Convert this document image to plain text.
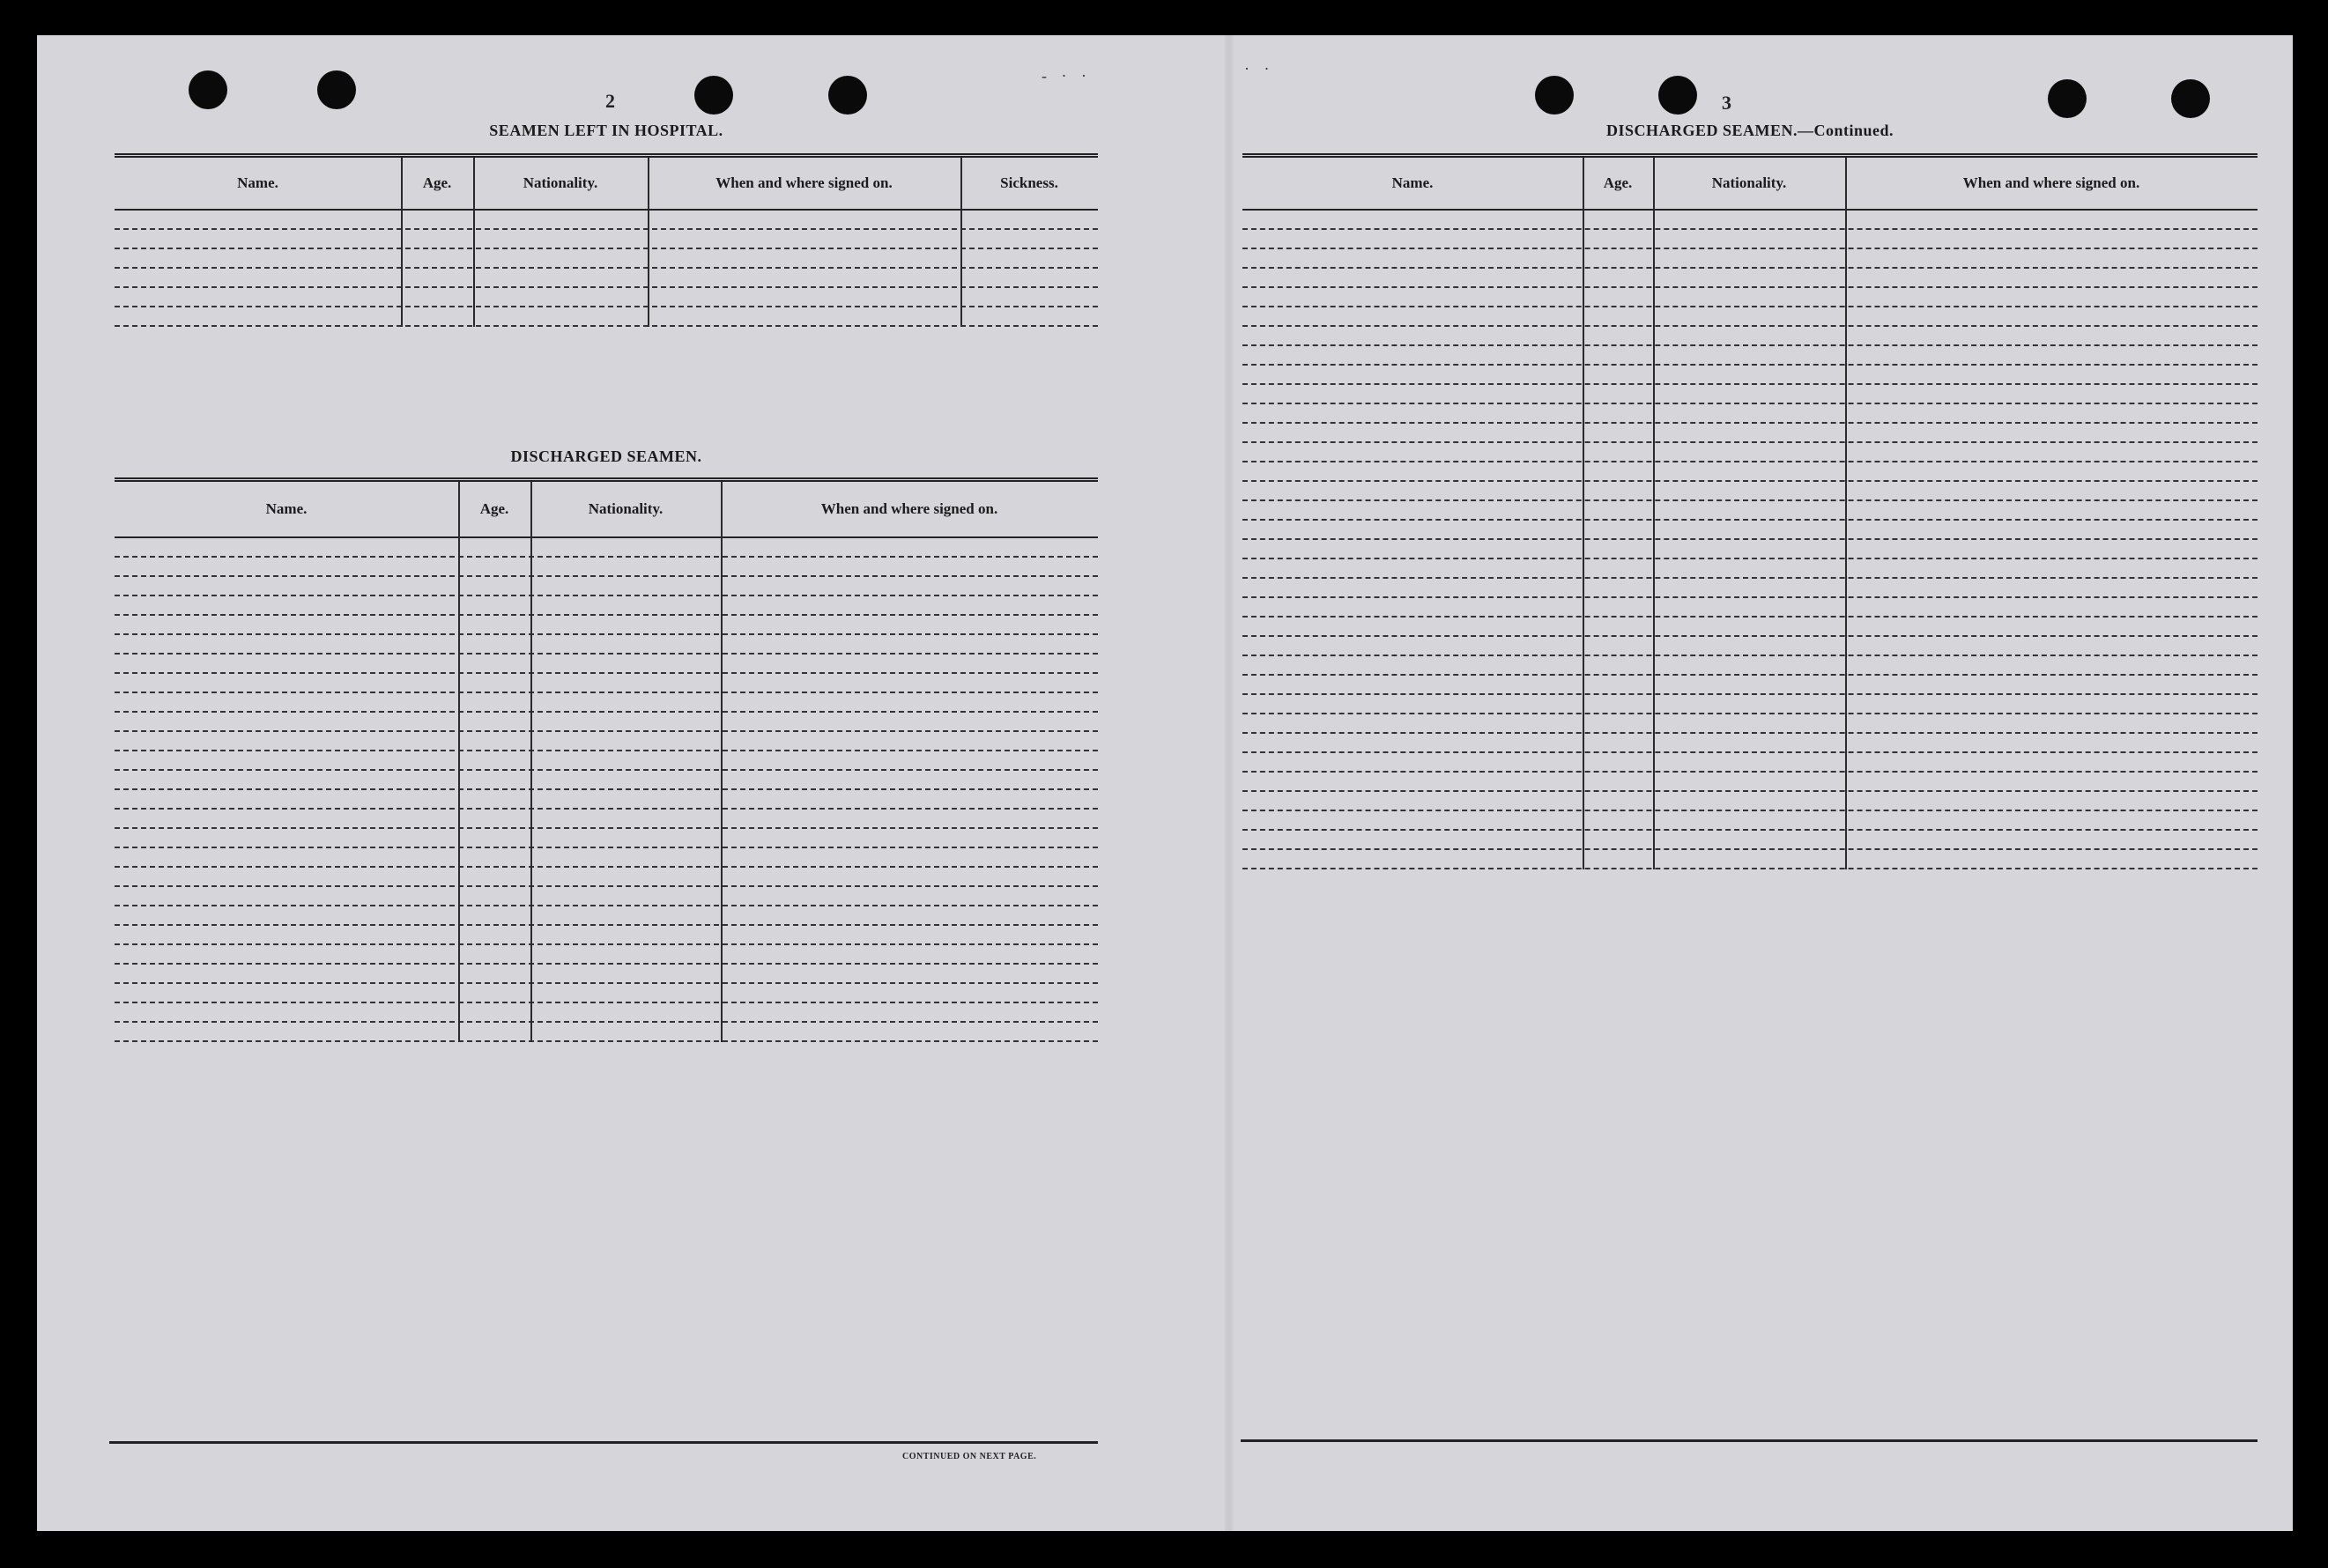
- · ·	· ·
2
SEAMEN LEFT IN HOSPITAL.
Name.	Age.	Nationality.	When and where signed on.	Sickness.
DISCHARGED SEAMEN.
Name.	Age.	Nationality.	When and where signed on.
CONTINUED ON NEXT PAGE.
3
DISCHARGED SEAMEN.—Continued.
Name.	Age.	Nationality.	When and where signed on.
